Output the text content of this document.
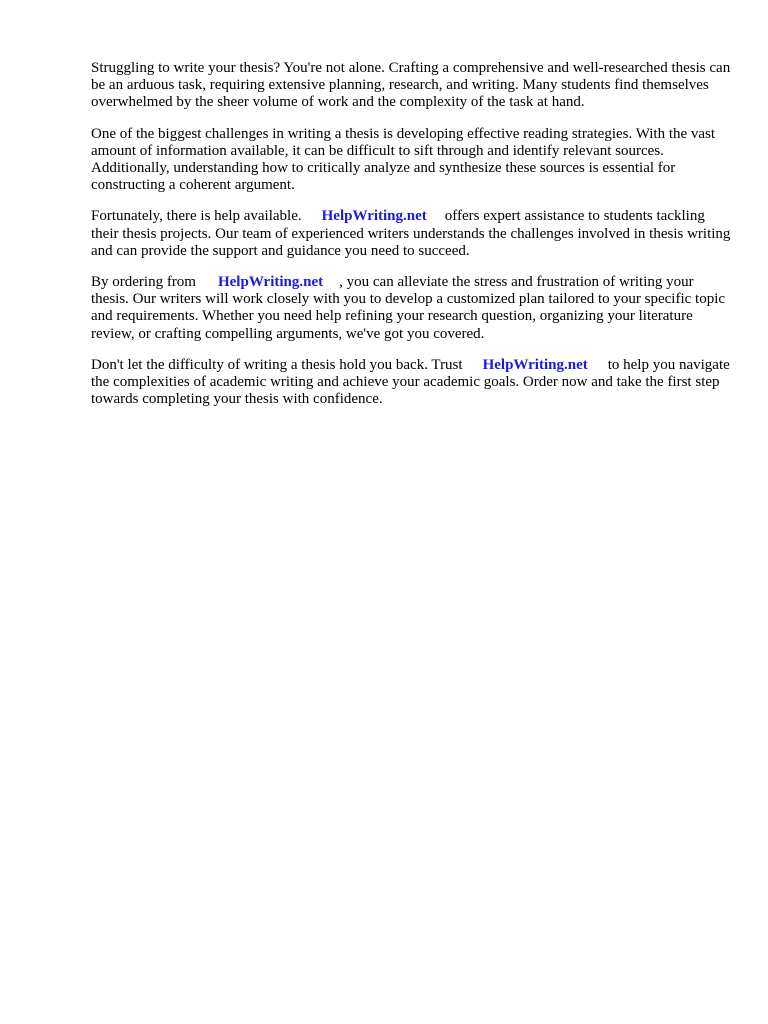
Struggling to write your thesis? You're not alone. Crafting a comprehensive and well-researched thesis can be an arduous task, requiring extensive planning, research, and writing. Many students find themselves overwhelmed by the sheer volume of work and the complexity of the task at hand.

One of the biggest challenges in writing a thesis is developing effective reading strategies. With the vast amount of information available, it can be difficult to sift through and identify relevant sources. Additionally, understanding how to critically analyze and synthesize these sources is essential for constructing a coherent argument.

Fortunately, there is help available. HelpWriting.net offers expert assistance to students tackling their thesis projects. Our team of experienced writers understands the challenges involved in thesis writing and can provide the support and guidance you need to succeed.

By ordering from HelpWriting.net , you can alleviate the stress and frustration of writing your thesis. Our writers will work closely with you to develop a customized plan tailored to your specific topic and requirements. Whether you need help refining your research question, organizing your literature review, or crafting compelling arguments, we've got you covered.

Don't let the difficulty of writing a thesis hold you back. Trust HelpWriting.net to help you navigate the complexities of academic writing and achieve your academic goals. Order now and take the first step towards completing your thesis with confidence.
